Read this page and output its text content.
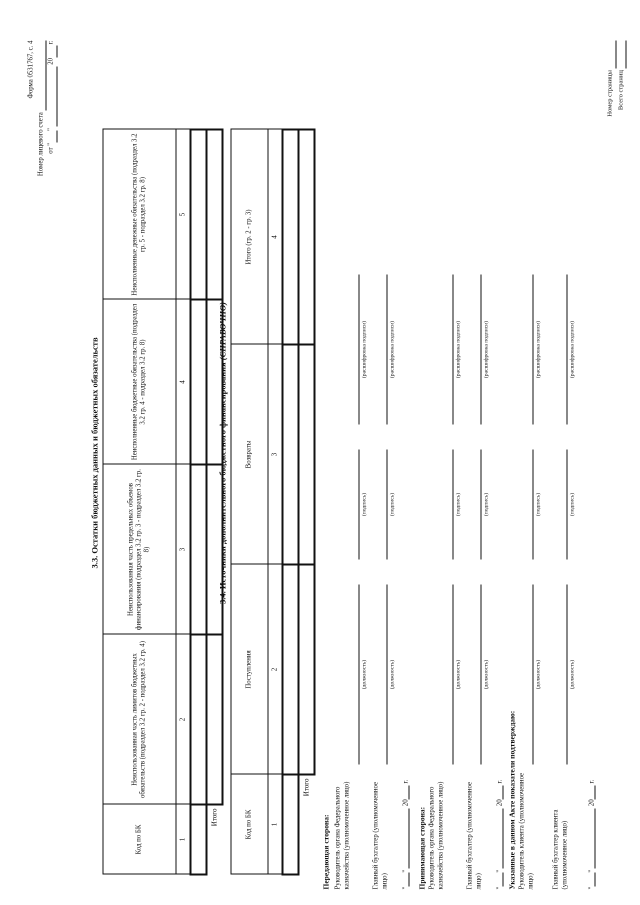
Форма 0531767, с. 4
Номер лицевого счета от ""  20 г.
3.3. Остатки бюджетных данных и бюджетных обязательств
Код по БК	Неиспользованная часть лимитов бюджетных обязательств (подраздел 3.2 гр. 2 - подраздел 3.2 гр. 4)	Неиспользованная часть предельных объемов финансирования (подраздел 3.2 гр. 3 - подраздел 3.2 гр. 8)	Неисполненные бюджетные обязательства (подраздел 3.2 гр. 4 - подраздел 3.2 гр. 8)	Неисполненные денежные обязательства (подраздел 3.2 гр. 5 - подраздел 3.2 гр. 8)
1	2	3	4	5

Итого				
3.4. Источники дополнительного бюджетного финансирования (СПРАВОЧНО)
Код по БК	Поступления	Возвраты	Итого (гр. 2 - гр. 3)
1	2	3	4

Итого			
Передающая сторона: Руководитель органа Федерального казначейства (уполномоченное лицо)
(должность)
(подпись)
(расшифровка подписи)
Главный бухгалтер (уполномоченное лицо)
(должность)
(подпись)
(расшифровка подписи)
""  20 г.
Принимающая сторона: Руководитель органа Федерального казначейства (уполномоченное лицо)
(должность)
(подпись)
(расшифровка подписи)
Главный бухгалтер (уполномоченное лицо)
(должность)
(подпись)
(расшифровка подписи)
""  20 г. Указанные в данном Акте показатели подтверждаю: Руководитель клиента (уполномоченное лицо)
(должность)
(подпись)
(расшифровка подписи)
Главный бухгалтер клиента (уполномоченное лицо)
(должность)
(подпись)
(расшифровка подписи)
""  20 г.
Номер страницы Всего страниц
